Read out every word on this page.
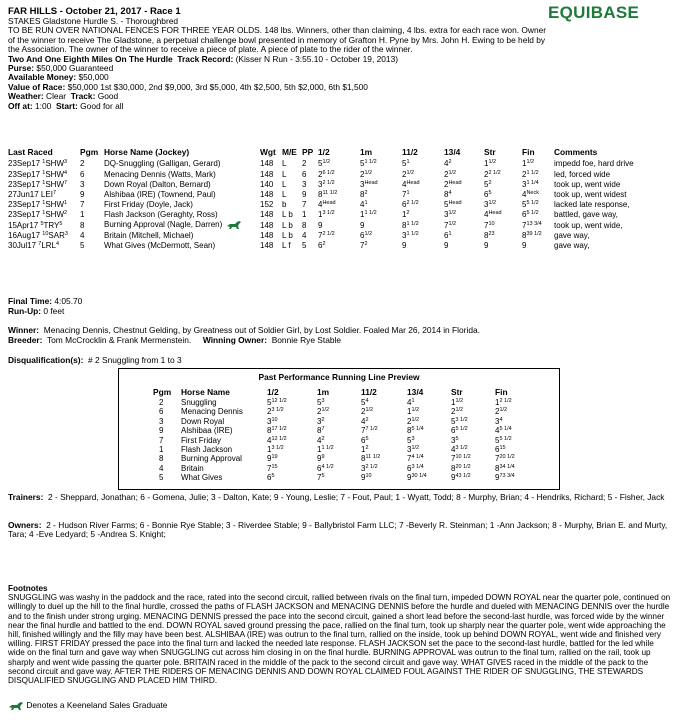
EQUIBASE
FAR HILLS - October 21, 2017 - Race 1
STAKES Gladstone Hurdle S. - Thoroughbred
TO BE RUN OVER NATIONAL FENCES FOR THREE YEAR OLDS. 148 lbs. Winners, other than claiming, 4 lbs. extra for each race won. Owner of the winner to receive The Gladstone, a perpetual challenge bowl presented in memory of Grafton H. Pyne by Mrs. John H. Ewing to be held by the Association. The owner of the winner to receive a piece of plate. A piece of plate to the rider of the winner.
Two And One Eighth Miles On The Hurdle Track Record: (Kisser N Run - 3:55.10 - October 19, 2013)
Purse: $50,000 Guaranteed
Available Money: $50,000
Value of Race: $50,000 1st $30,000, 2nd $9,000, 3rd $5,000, 4th $2,500, 5th $2,000, 6th $1,500
Weather: Clear Track: Good
Off at: 1:00 Start: Good for all
Last Raced	Pgm	Horse Name (Jockey)	Wgt	M/E	PP	1/2	1m	11/2	13/4	Str	Fin	Comments
23Sep17 $^1$SHW$^3$	2	DQ-Snuggling (Galligan, Gerard)	148	L	2	$5^{1/2}$	$5^{1 1/2}$	$5^1$	$4^2$	$1^{1/2}$	$1^{1/2}$	impedd foe, hard drive
23Sep17 $^1$SHW$^4$	6	Menacing Dennis (Watts, Mark)	148	L	6	$2^{6 1/2}$	$2^{1/2}$	$2^{1/2}$	$2^{1/2}$	$2^{2 1/2}$	$2^{1 1/2}$	led, forced wide
23Sep17 $^1$SHW$^7$	3	Down Royal (Dalton, Bernard)	140	L	3	$3^{2 1/2}$	$3^{Head}$	$4^{Head}$	$2^{Head}$	$5^2$	$3^{1 1/4}$	took up, went wide
27Jun17 LEI$^7$	9	Alshibaa (IRE) (Townend, Paul)	148	L	9	$8^{11 1/2}$	$8^2$	$7^1$	$8^4$	$6^5$	$4^{Neck}$	took up, went widest
23Sep17 $^1$SHW$^1$	7	First Friday (Doyle, Jack)	152	b	7	$4^{Head}$	$4^1$	$6^{2 1/2}$	$5^{Head}$	$3^{1/2}$	$5^{5 1/2}$	lacked late response,
23Sep17 $^1$SHW$^2$	1	Flash Jackson (Geraghty, Ross)	148	L b	1	$1^{3 1/2}$	$1^{1 1/2}$	$1^2$	$3^{1/2}$	$4^{Head}$	$6^{5 1/2}$	battled, gave way,
15Apr17 $^5$TRY$^5$	8	Burning Approval (Nagle, Darren)	148	L b	8	9	9	$8^{1 1/2}$	$7^{1/2}$	$7^{10}$	$7^{13 3/4}$	took up, went wide,
16Aug17 $^{10}$SAR$^3$	4	Britain (Mitchell, Michael)	148	L b	4	$7^{2 1/2}$	$6^{1/2}$	$3^{1 1/2}$	$6^1$	$8^{23}$	$8^{39 1/2}$	gave way,
30Jul17 $^7$LRL$^4$	5	What Gives (McDermott, Sean)	148	L f	5	$6^2$	$7^2$	9	9	9	9	gave way,
Final Time: 4:05.70
Run-Up: 0 feet
Winner: Menacing Dennis, Chestnut Gelding, by Greatness out of Soldier Girl, by Lost Soldier. Foaled Mar 26, 2014 in Florida.
Breeder: Tom McCrocklin & Frank Mermenstein. Winning Owner: Bonnie Rye Stable
Disqualification(s): # 2 Snuggling from 1 to 3
Past Performance Running Line Preview
Pgm	Horse Name	1/2	1m	11/2	13/4	Str	Fin
2	Snuggling	$5^{12 1/2}$	$5^3$	$5^4$	$4^1$	$1^{1/2}$	$1^{2 1/2}$
6	Menacing Dennis	$2^{3 1/2}$	$2^{1/2}$	$2^{1/2}$	$1^{1/2}$	$2^{1/2}$	$2^{1/2}$
3	Down Royal	$3^{10}$	$3^2$	$4^2$	$2^{1/2}$	$5^{3 1/2}$	$3^4$
9	Alshibaa (IRE)	$8^{17 1/2}$	$8^7$	$7^{7 1/2}$	$8^{5 1/4}$	$6^{5 1/2}$	$4^{5 1/4}$
7	First Friday	$4^{12 1/2}$	$4^2$	$6^5$	$5^3$	$3^5$	$5^{5 1/2}$
1	Flash Jackson	$1^{3 1/2}$	$1^{1 1/2}$	$1^2$	$3^{1/2}$	$4^{3 1/2}$	$6^{15}$
8	Burning Approval	$9^{19}$	$9^9$	$8^{11 1/2}$	$7^{4 1/4}$	$7^{10 1/2}$	$7^{20 1/2}$
4	Britain	$7^{15}$	$6^{4 1/2}$	$3^{2 1/2}$	$6^{3 1/4}$	$8^{20 1/2}$	$8^{34 1/4}$
5	What Gives	$6^5$	$7^5$	$9^{10}$	$9^{30 1/4}$	$9^{43 1/2}$	$9^{73 3/4}$
Trainers: 2 - Sheppard, Jonathan; 6 - Gomena, Julie; 3 - Dalton, Kate; 9 - Young, Leslie; 7 - Fout, Paul; 1 - Wyatt, Todd; 8 - Murphy, Brian; 4 - Hendriks, Richard; 5 - Fisher, Jack
Owners: 2 - Hudson River Farms; 6 - Bonnie Rye Stable; 3 - Riverdee Stable; 9 - Ballybristol Farm LLC; 7 -Beverly R. Steinman; 1 -Ann Jackson; 8 - Murphy, Brian E. and Murty, Tara; 4 -Eve Ledyard; 5 -Andrea S. Knight;
Footnotes
SNUGGLING was washy in the paddock and the race, rated into the second circuit, rallied between rivals on the final turn, impeded DOWN ROYAL near the quarter pole, continued on willingly to duel up the hill to the final hurdle, crossed the paths of FLASH JACKSON and MENACING DENNIS before the hurdle and dueled with MENACING DENNIS over the hurdle and to the finish under strong urging. MENACING DENNIS pressed the pace into the second circuit, gained a short lead before the second-last hurdle, was forced wide by the winner near the final hurdle and battled to the end. DOWN ROYAL saved ground pressing the pace, rallied on the final turn, took up sharply near the quarter pole, went wide approaching the hill, finished willingly and the filly may have been best. ALSHIBAA (IRE) was outrun to the final turn, rallied on the inside, took up behind DOWN ROYAL, went wide and finished very willing. FIRST FRIDAY pressed the pace into the final turn and lacked the needed late response. FLASH JACKSON set the pace to the second-last hurdle, battled for the led while wide on the final turn and gave way when SNUGGLING cut across him closing in on the final hurdle. BURNING APPROVAL was outrun to the final turn, rallied on the rail, took up sharply and went wide passing the quarter pole. BRITAIN raced in the middle of the pack to the second circuit and gave way. WHAT GIVES raced in the middle of the pack to the second circuit and gave way. AFTER THE RIDERS OF MENACING DENNIS AND DOWN ROYAL CLAIMED FOUL AGAINST THE RIDER OF SNUGGLING, THE STEWARDS DISQUALIFIED SNUGGLING AND PLACED HIM THIRD.
Denotes a Keeneland Sales Graduate
